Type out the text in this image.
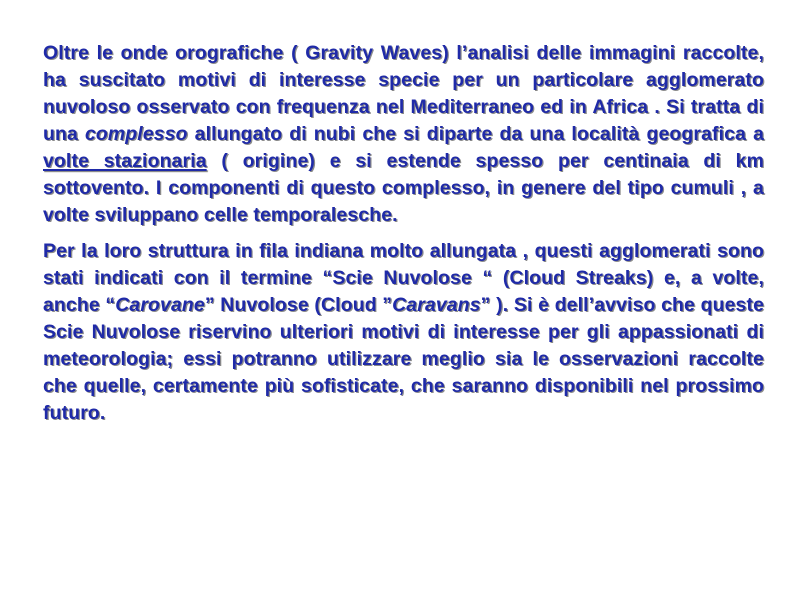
Oltre le onde orografiche ( Gravity Waves) l’analisi delle immagini raccolte, ha suscitato motivi di interesse specie per un particolare agglomerato nuvoloso osservato con frequenza nel Mediterraneo ed in Africa . Si tratta di una complesso allungato di nubi che si diparte da una località geografica a volte stazionaria ( origine) e si estende spesso per centinaia di km sottovento. I componenti di questo complesso, in genere del tipo cumuli , a volte sviluppano celle temporalesche.

Per la loro struttura in fila indiana molto allungata , questi agglomerati sono stati indicati con il termine “Scie Nuvolose “ (Cloud Streaks) e, a volte, anche “Carovane” Nuvolose (Cloud ”Caravans” ). Si è dell’avviso che queste Scie Nuvolose riservino ulteriori motivi di interesse per gli appassionati di meteorologia; essi potranno utilizzare meglio sia le osservazioni raccolte che quelle, certamente più sofisticate, che saranno disponibili nel prossimo futuro.
